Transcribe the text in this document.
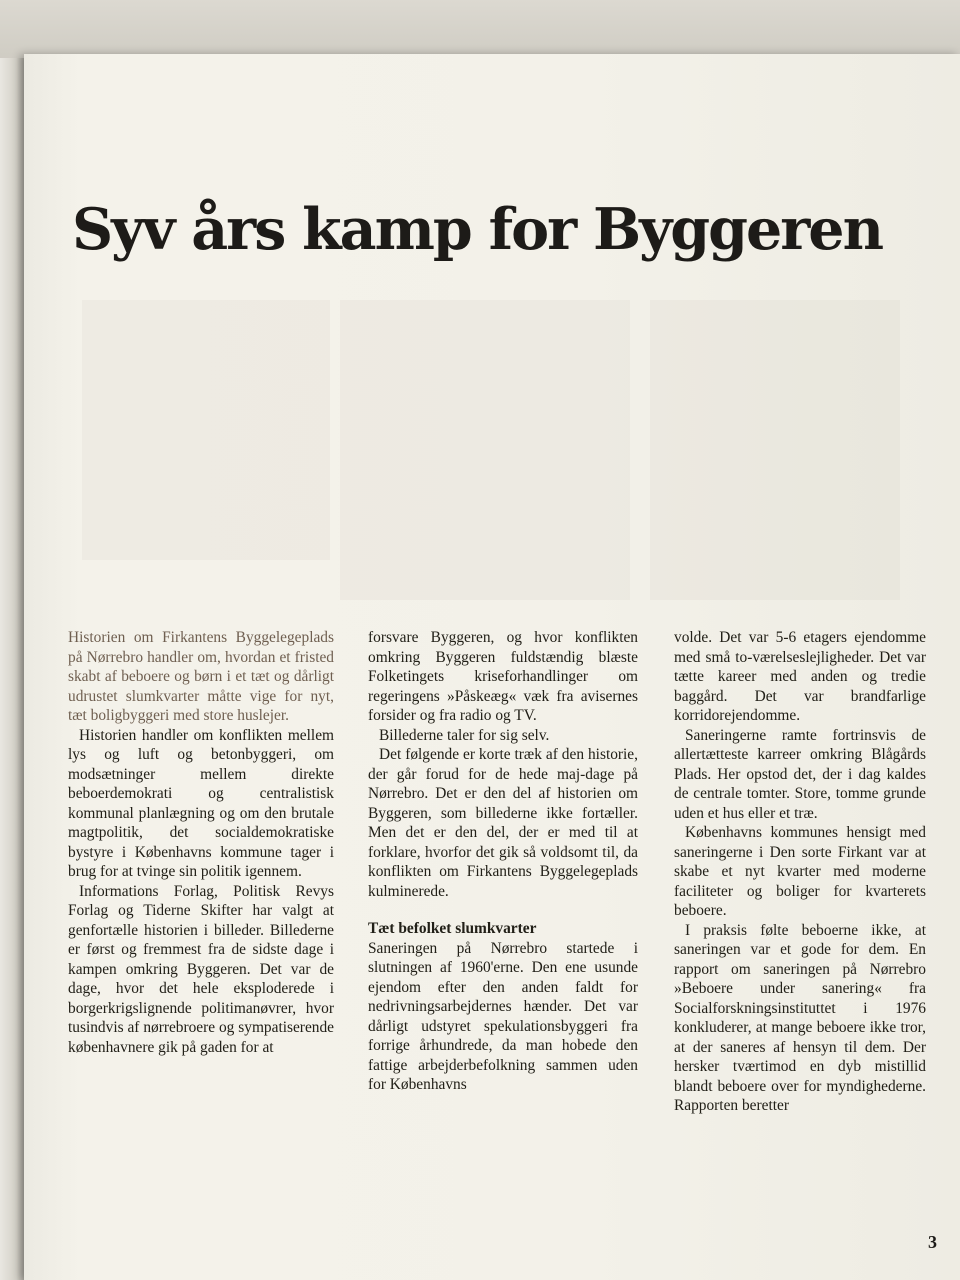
Syv års kamp for Byggeren

Historien om Firkantens Byggelegeplads på Nørrebro handler om, hvordan et fristed skabt af beboere og børn i et tæt og dårligt udrustet slumkvarter måtte vige for nyt, tæt boligbyggeri med store huslejer.

Historien handler om konflikten mellem lys og luft og betonbyggeri, om modsætninger mellem direkte beboerdemokrati og centralistisk kommunal planlægning og om den brutale magtpolitik, det socialdemokratiske bystyre i Københavns kommune tager i brug for at tvinge sin politik igennem.

Informations Forlag, Politisk Revys Forlag og Tiderne Skifter har valgt at genfortælle historien i billeder. Billederne er først og fremmest fra de sidste dage i kampen omkring Byggeren. Det var de dage, hvor det hele eksploderede i borgerkrigslignende politimanøvrer, hvor tusindvis af nørrebroere og sympatiserende københavnere gik på gaden for at

forsvare Byggeren, og hvor konflikten omkring Byggeren fuldstændig blæste Folketingets kriseforhandlinger om regeringens »Påskeæg« væk fra avisernes forsider og fra radio og TV.

Billederne taler for sig selv.

Det følgende er korte træk af den historie, der går forud for de hede maj-dage på Nørrebro. Det er den del af historien om Byggeren, som billederne ikke fortæller. Men det er den del, der er med til at forklare, hvorfor det gik så voldsomt til, da konflikten om Firkantens Byggelegeplads kulminerede.

Tæt befolket slumkvarter

Saneringen på Nørrebro startede i slutningen af 1960'erne. Den ene usunde ejendom efter den anden faldt for nedrivningsarbejdernes hænder. Det var dårligt udstyret spekulationsbyggeri fra forrige århundrede, da man hobede den fattige arbejderbefolkning sammen uden for Københavns

volde. Det var 5-6 etagers ejendomme med små to-værelseslejligheder. Det var tætte kareer med anden og tredie baggård. Det var brandfarlige korridorejendomme.

Saneringerne ramte fortrinsvis de allertætteste karreer omkring Blågårds Plads. Her opstod det, der i dag kaldes de centrale tomter. Store, tomme grunde uden et hus eller et træ.

Københavns kommunes hensigt med saneringerne i Den sorte Firkant var at skabe et nyt kvarter med moderne faciliteter og boliger for kvarterets beboere.

I praksis følte beboerne ikke, at saneringen var et gode for dem. En rapport om saneringen på Nørrebro »Beboere under sanering« fra Socialforskningsinstituttet i 1976 konkluderer, at mange beboere ikke tror, at der saneres af hensyn til dem. Der hersker tværtimod en dyb mistillid blandt beboere over for myndighederne. Rapporten beretter

3
